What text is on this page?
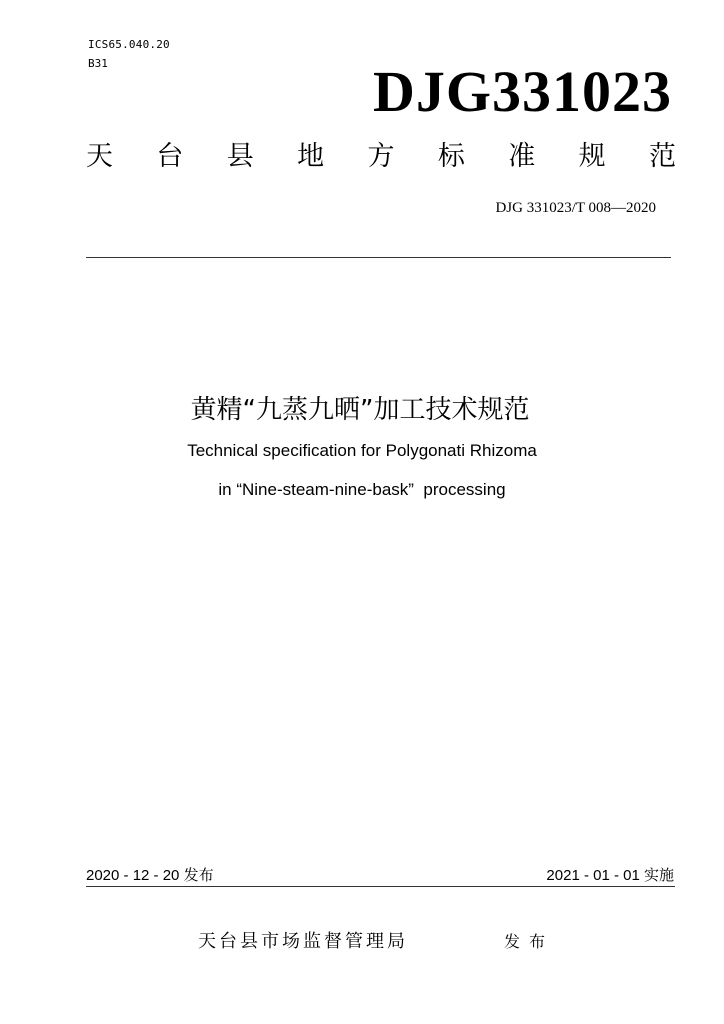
ICS65.040.20
B31	DJG331023
天 台 县 地 方 标 准 规 范
DJG 331023/T 008—2020
黄精“九蒸九晒”加工技术规范
Technical specification for Polygonati Rhizoma
in “Nine-steam-nine-bask”  processing
2020 - 12 - 20 发布	2021 - 01 - 01 实施
天台县市场监督管理局	发布
